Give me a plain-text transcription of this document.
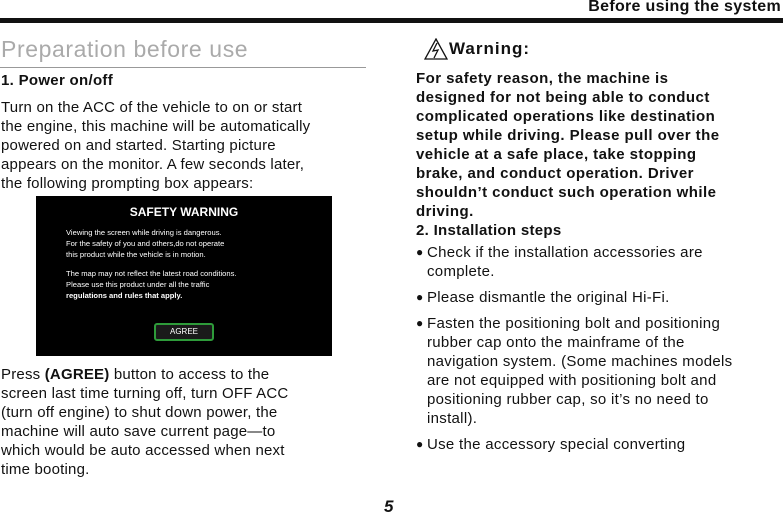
Before using the system
Preparation before use
1. Power on/off
Turn on the ACC of the vehicle to on or start
the engine, this machine will be automatically
powered on and started. Starting picture
appears on the monitor. A few seconds later,
the following prompting box appears:
SAFETY WARNING
Viewing the screen while driving is dangerous.
For the safety of you and others,do not operate
this product while the vehicle is in motion.
The map may not reflect the latest road conditions.
Please use this product under all the traffic
regulations and rules that apply.
AGREE
Press (AGREE) button to access to the
screen last time turning off, turn OFF ACC
(turn off engine) to shut down power, the
machine will auto save current page—to
which would be auto accessed when next
time booting.
Warning:
For safety reason, the machine is
designed for not being able to conduct
complicated operations like destination
setup while driving. Please pull over the
vehicle at a safe place, take stopping
brake, and conduct operation. Driver
shouldn’t conduct such operation while
driving.
2. Installation steps
● Check if the installation accessories are
complete.
● Please dismantle the original Hi-Fi.
● Fasten the positioning bolt and positioning
rubber cap onto the mainframe of the
navigation system. (Some machines models
are not equipped with positioning bolt and
positioning rubber cap, so it’s no need to
install).
● Use the accessory special converting
5
